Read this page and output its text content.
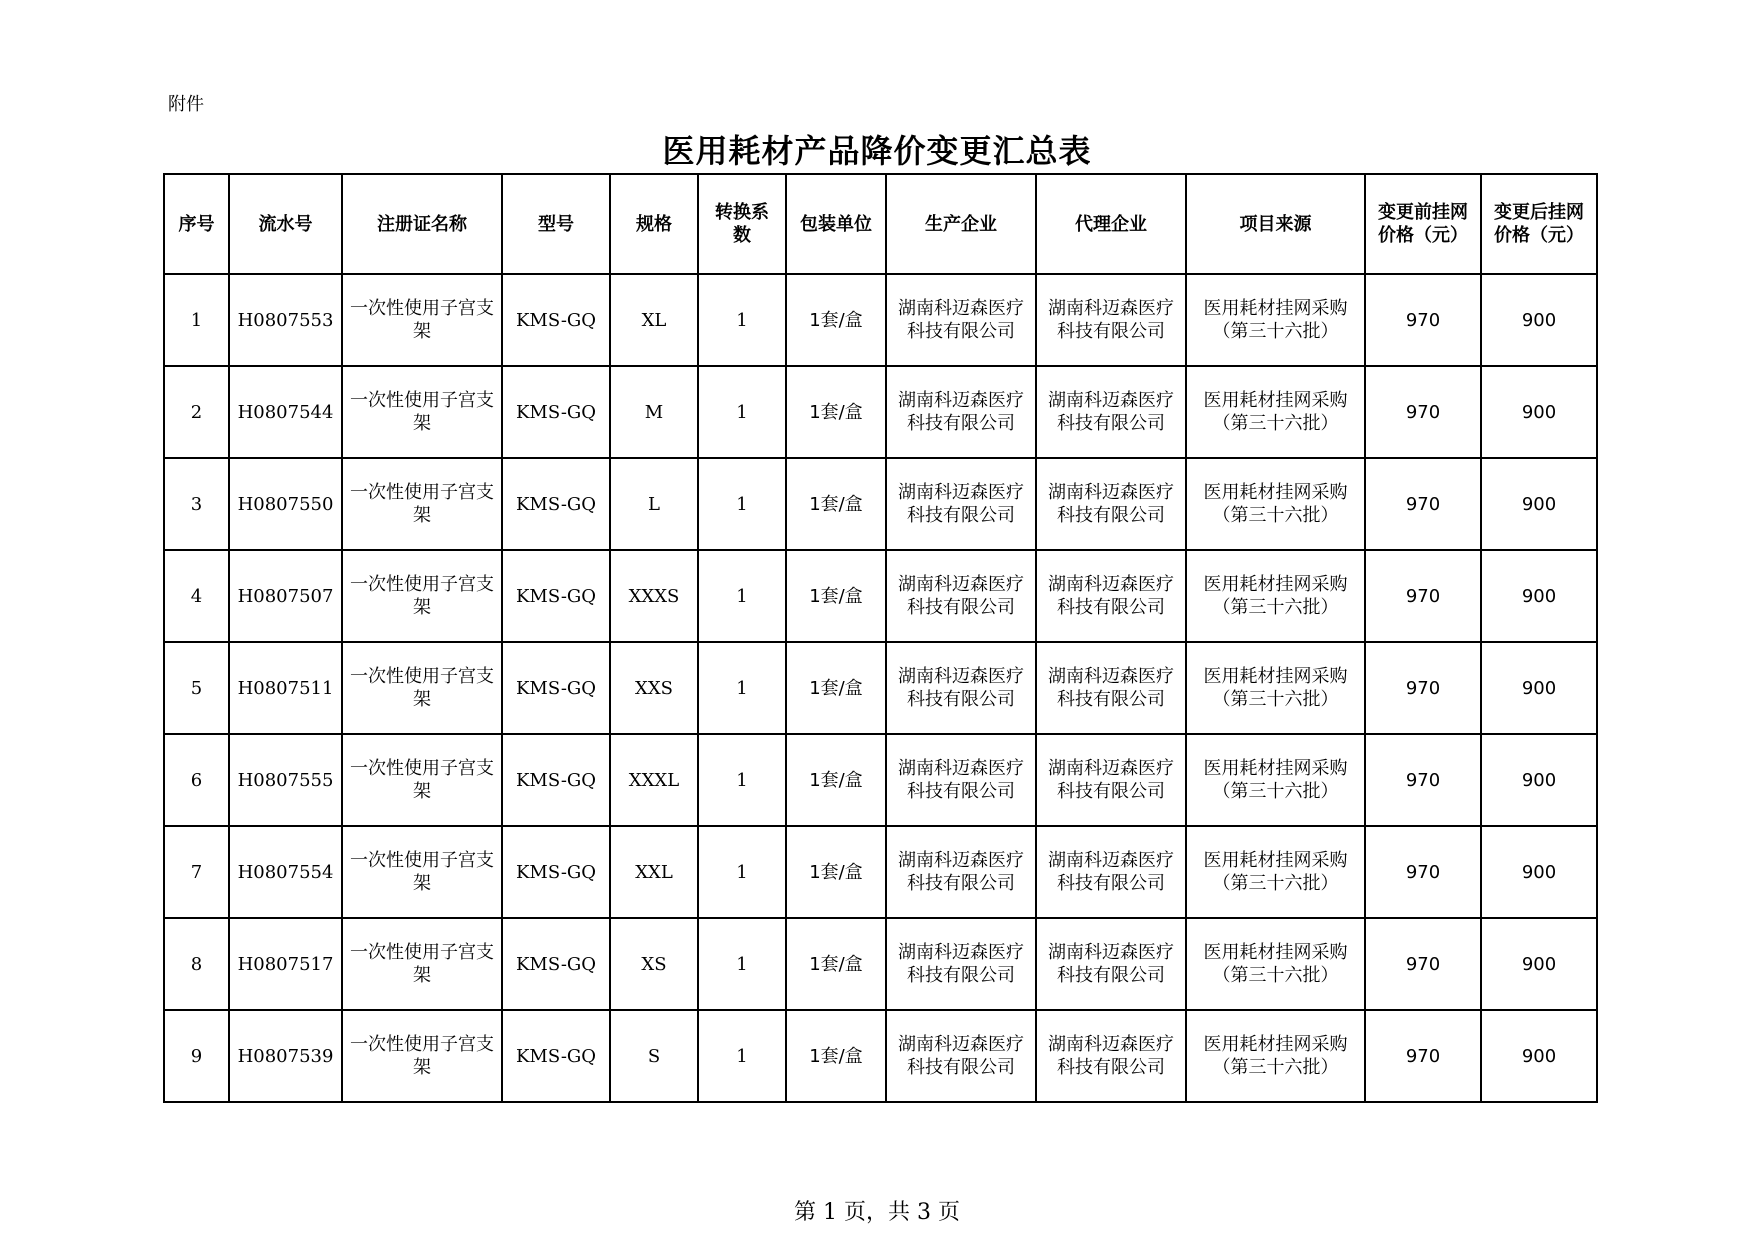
附件
医用耗材产品降价变更汇总表
序号	流水号	注册证名称	型号	规格	转换系数	包装单位	生产企业	代理企业	项目来源	变更前挂网价格（元）	变更后挂网价格（元）
1	H0807553	一次性使用子宫支架	KMS-GQ	XL	1	1套/盒	湖南科迈森医疗科技有限公司	湖南科迈森医疗科技有限公司	医用耗材挂网采购（第三十六批）	970	900
2	H0807544	一次性使用子宫支架	KMS-GQ	M	1	1套/盒	湖南科迈森医疗科技有限公司	湖南科迈森医疗科技有限公司	医用耗材挂网采购（第三十六批）	970	900
3	H0807550	一次性使用子宫支架	KMS-GQ	L	1	1套/盒	湖南科迈森医疗科技有限公司	湖南科迈森医疗科技有限公司	医用耗材挂网采购（第三十六批）	970	900
4	H0807507	一次性使用子宫支架	KMS-GQ	XXXS	1	1套/盒	湖南科迈森医疗科技有限公司	湖南科迈森医疗科技有限公司	医用耗材挂网采购（第三十六批）	970	900
5	H0807511	一次性使用子宫支架	KMS-GQ	XXS	1	1套/盒	湖南科迈森医疗科技有限公司	湖南科迈森医疗科技有限公司	医用耗材挂网采购（第三十六批）	970	900
6	H0807555	一次性使用子宫支架	KMS-GQ	XXXL	1	1套/盒	湖南科迈森医疗科技有限公司	湖南科迈森医疗科技有限公司	医用耗材挂网采购（第三十六批）	970	900
7	H0807554	一次性使用子宫支架	KMS-GQ	XXL	1	1套/盒	湖南科迈森医疗科技有限公司	湖南科迈森医疗科技有限公司	医用耗材挂网采购（第三十六批）	970	900
8	H0807517	一次性使用子宫支架	KMS-GQ	XS	1	1套/盒	湖南科迈森医疗科技有限公司	湖南科迈森医疗科技有限公司	医用耗材挂网采购（第三十六批）	970	900
9	H0807539	一次性使用子宫支架	KMS-GQ	S	1	1套/盒	湖南科迈森医疗科技有限公司	湖南科迈森医疗科技有限公司	医用耗材挂网采购（第三十六批）	970	900
第 1 页，共 3 页
